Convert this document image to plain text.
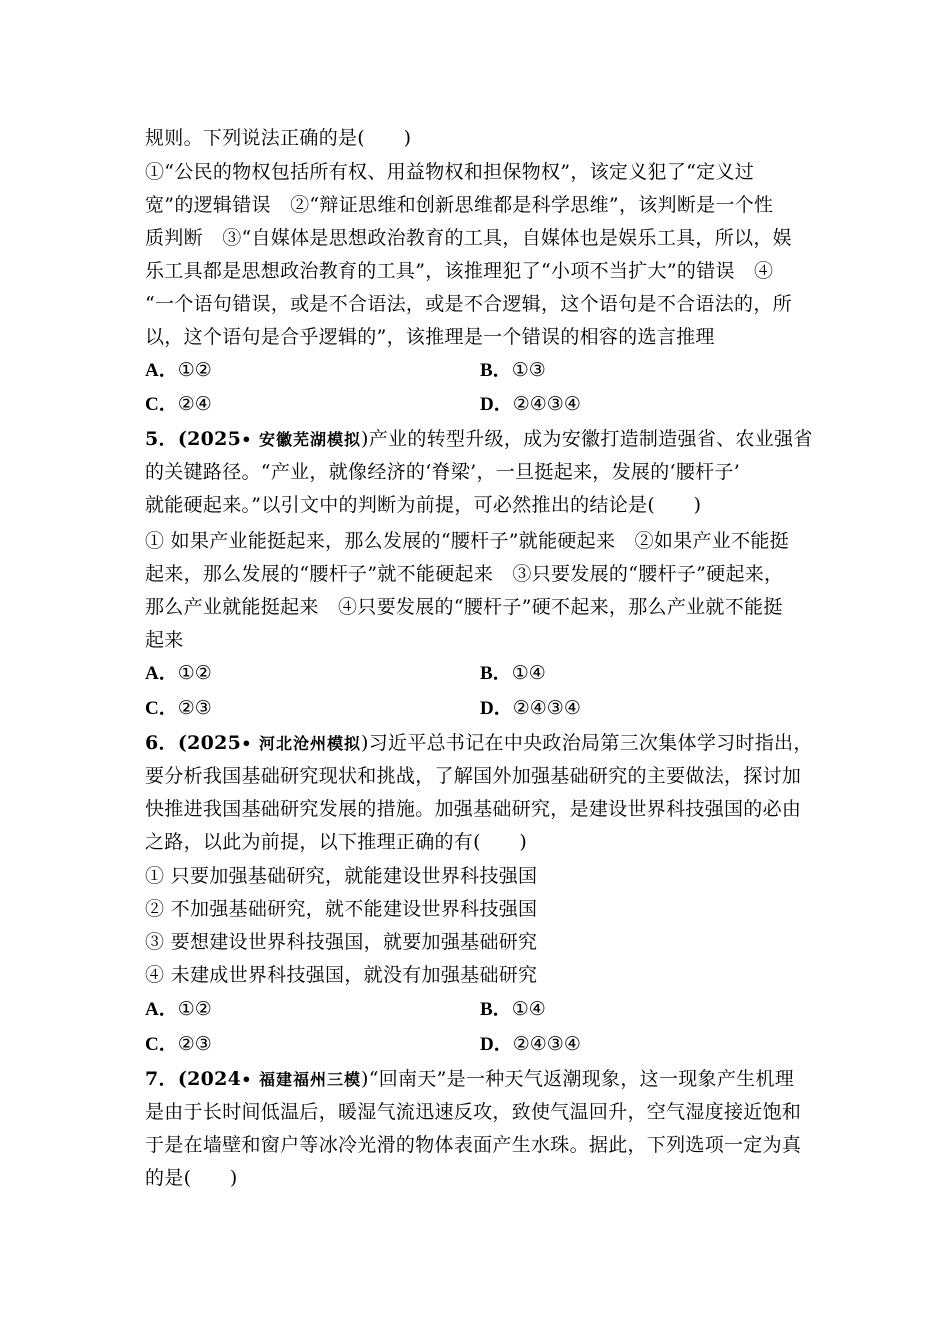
规则。下列说法正确的是(　　)
①“公民的物权包括所有权、用益物权和担保物权”，该定义犯了“定义过
宽”的逻辑错误　②“辩证思维和创新思维都是科学思维”，该判断是一个性
质判断　③“自媒体是思想政治教育的工具，自媒体也是娱乐工具，所以，娱
乐工具都是思想政治教育的工具”，该推理犯了“小项不当扩大”的错误　④
“一个语句错误，或是不合语法，或是不合逻辑，这个语句是不合语法的，所
以，这个语句是合乎逻辑的”，该推理是一个错误的相容的选言推理
A．①②	B．①③
C．②④	D．②④③④
5．(2025• 安徽芜湖模拟)产业的转型升级，成为安徽打造制造强省、农业强省
的关键路径。“产业，就像经济的‘脊梁’，一旦挺起来，发展的‘腰杆子’
就能硬起来。”以引文中的判断为前提，可必然推出的结论是(　　)
① 如果产业能挺起来，那么发展的“腰杆子”就能硬起来　②如果产业不能挺
起来，那么发展的“腰杆子”就不能硬起来　③只要发展的“腰杆子”硬起来，
那么产业就能挺起来　④只要发展的“腰杆子”硬不起来，那么产业就不能挺
起来
A．①②	B．①④
C．②③	D．②④③④
6．(2025• 河北沧州模拟)习近平总书记在中央政治局第三次集体学习时指出，
要分析我国基础研究现状和挑战，了解国外加强基础研究的主要做法，探讨加
快推进我国基础研究发展的措施。加强基础研究，是建设世界科技强国的必由
之路，以此为前提，以下推理正确的有(　　)
① 只要加强基础研究，就能建设世界科技强国
② 不加强基础研究，就不能建设世界科技强国
③ 要想建设世界科技强国，就要加强基础研究
④ 未建成世界科技强国，就没有加强基础研究
A．①②	B．①④
C．②③	D．②④③④
7．(2024• 福建福州三模)“回南天”是一种天气返潮现象，这一现象产生机理
是由于长时间低温后，暖湿气流迅速反攻，致使气温回升，空气湿度接近饱和
于是在墙壁和窗户等冰冷光滑的物体表面产生水珠。据此，下列选项一定为真
的是(　　)
